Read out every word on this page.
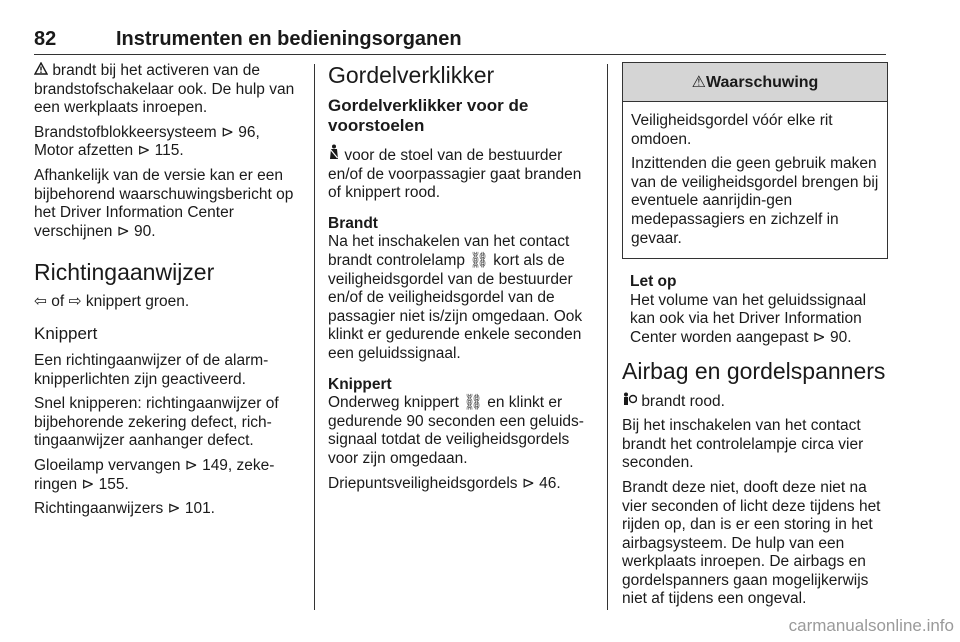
82	Instrumenten en bedieningsorganen

brandt bij het activeren van de brandstofschakelaar ook. De hulp van een werkplaats inroepen.

Brandstofblokkeersysteem ⊳ 96, Motor afzetten ⊳ 115.

Afhankelijk van de versie kan er een bijbehorend waarschuwingsbericht op het Driver Information Center verschijnen ⊳ 90.

Richtingaanwijzer

⇦ of ⇨ knippert groen.

Knippert

Een richtingaanwijzer of de alarm-knipperlichten zijn geactiveerd.

Snel knipperen: richtingaanwijzer of bijbehorende zekering defect, rich-tingaanwijzer aanhanger defect.

Gloeilamp vervangen ⊳ 149, zeke-ringen ⊳ 155.

Richtingaanwijzers ⊳ 101.

Gordelverklikker
Gordelverklikker voor de voorstoelen

voor de stoel van de bestuurder en/of de voorpassagier gaat branden of knippert rood.

Brandt

Na het inschakelen van het contact brandt controlelamp ⛓ kort als de veiligheidsgordel van de bestuurder en/of de veiligheidsgordel van de passagier niet is/zijn omgedaan. Ook klinkt er gedurende enkele seconden een geluidssignaal.

Knippert

Onderweg knippert ⛓ en klinkt er gedurende 90 seconden een geluids-signaal totdat de veiligheidsgordels voor zijn omgedaan.

Driepuntsveiligheidsgordels ⊳ 46.

⚠Waarschuwing

Veiligheidsgordel vóór elke rit omdoen.

Inzittenden die geen gebruik maken van de veiligheidsgordel brengen bij eventuele aanrijdin-gen medepassagiers en zichzelf in gevaar.

Let op

Het volume van het geluidssignaal kan ook via het Driver Information Center worden aangepast ⊳ 90.

Airbag en gordelspanners

brandt rood.

Bij het inschakelen van het contact brandt het controlelampje circa vier seconden.

Brandt deze niet, dooft deze niet na vier seconden of licht deze tijdens het rijden op, dan is er een storing in het airbagsysteem. De hulp van een werkplaats inroepen. De airbags en gordelspanners gaan mogelijkerwijs niet af tijdens een ongeval.

carmanualsonline.info
